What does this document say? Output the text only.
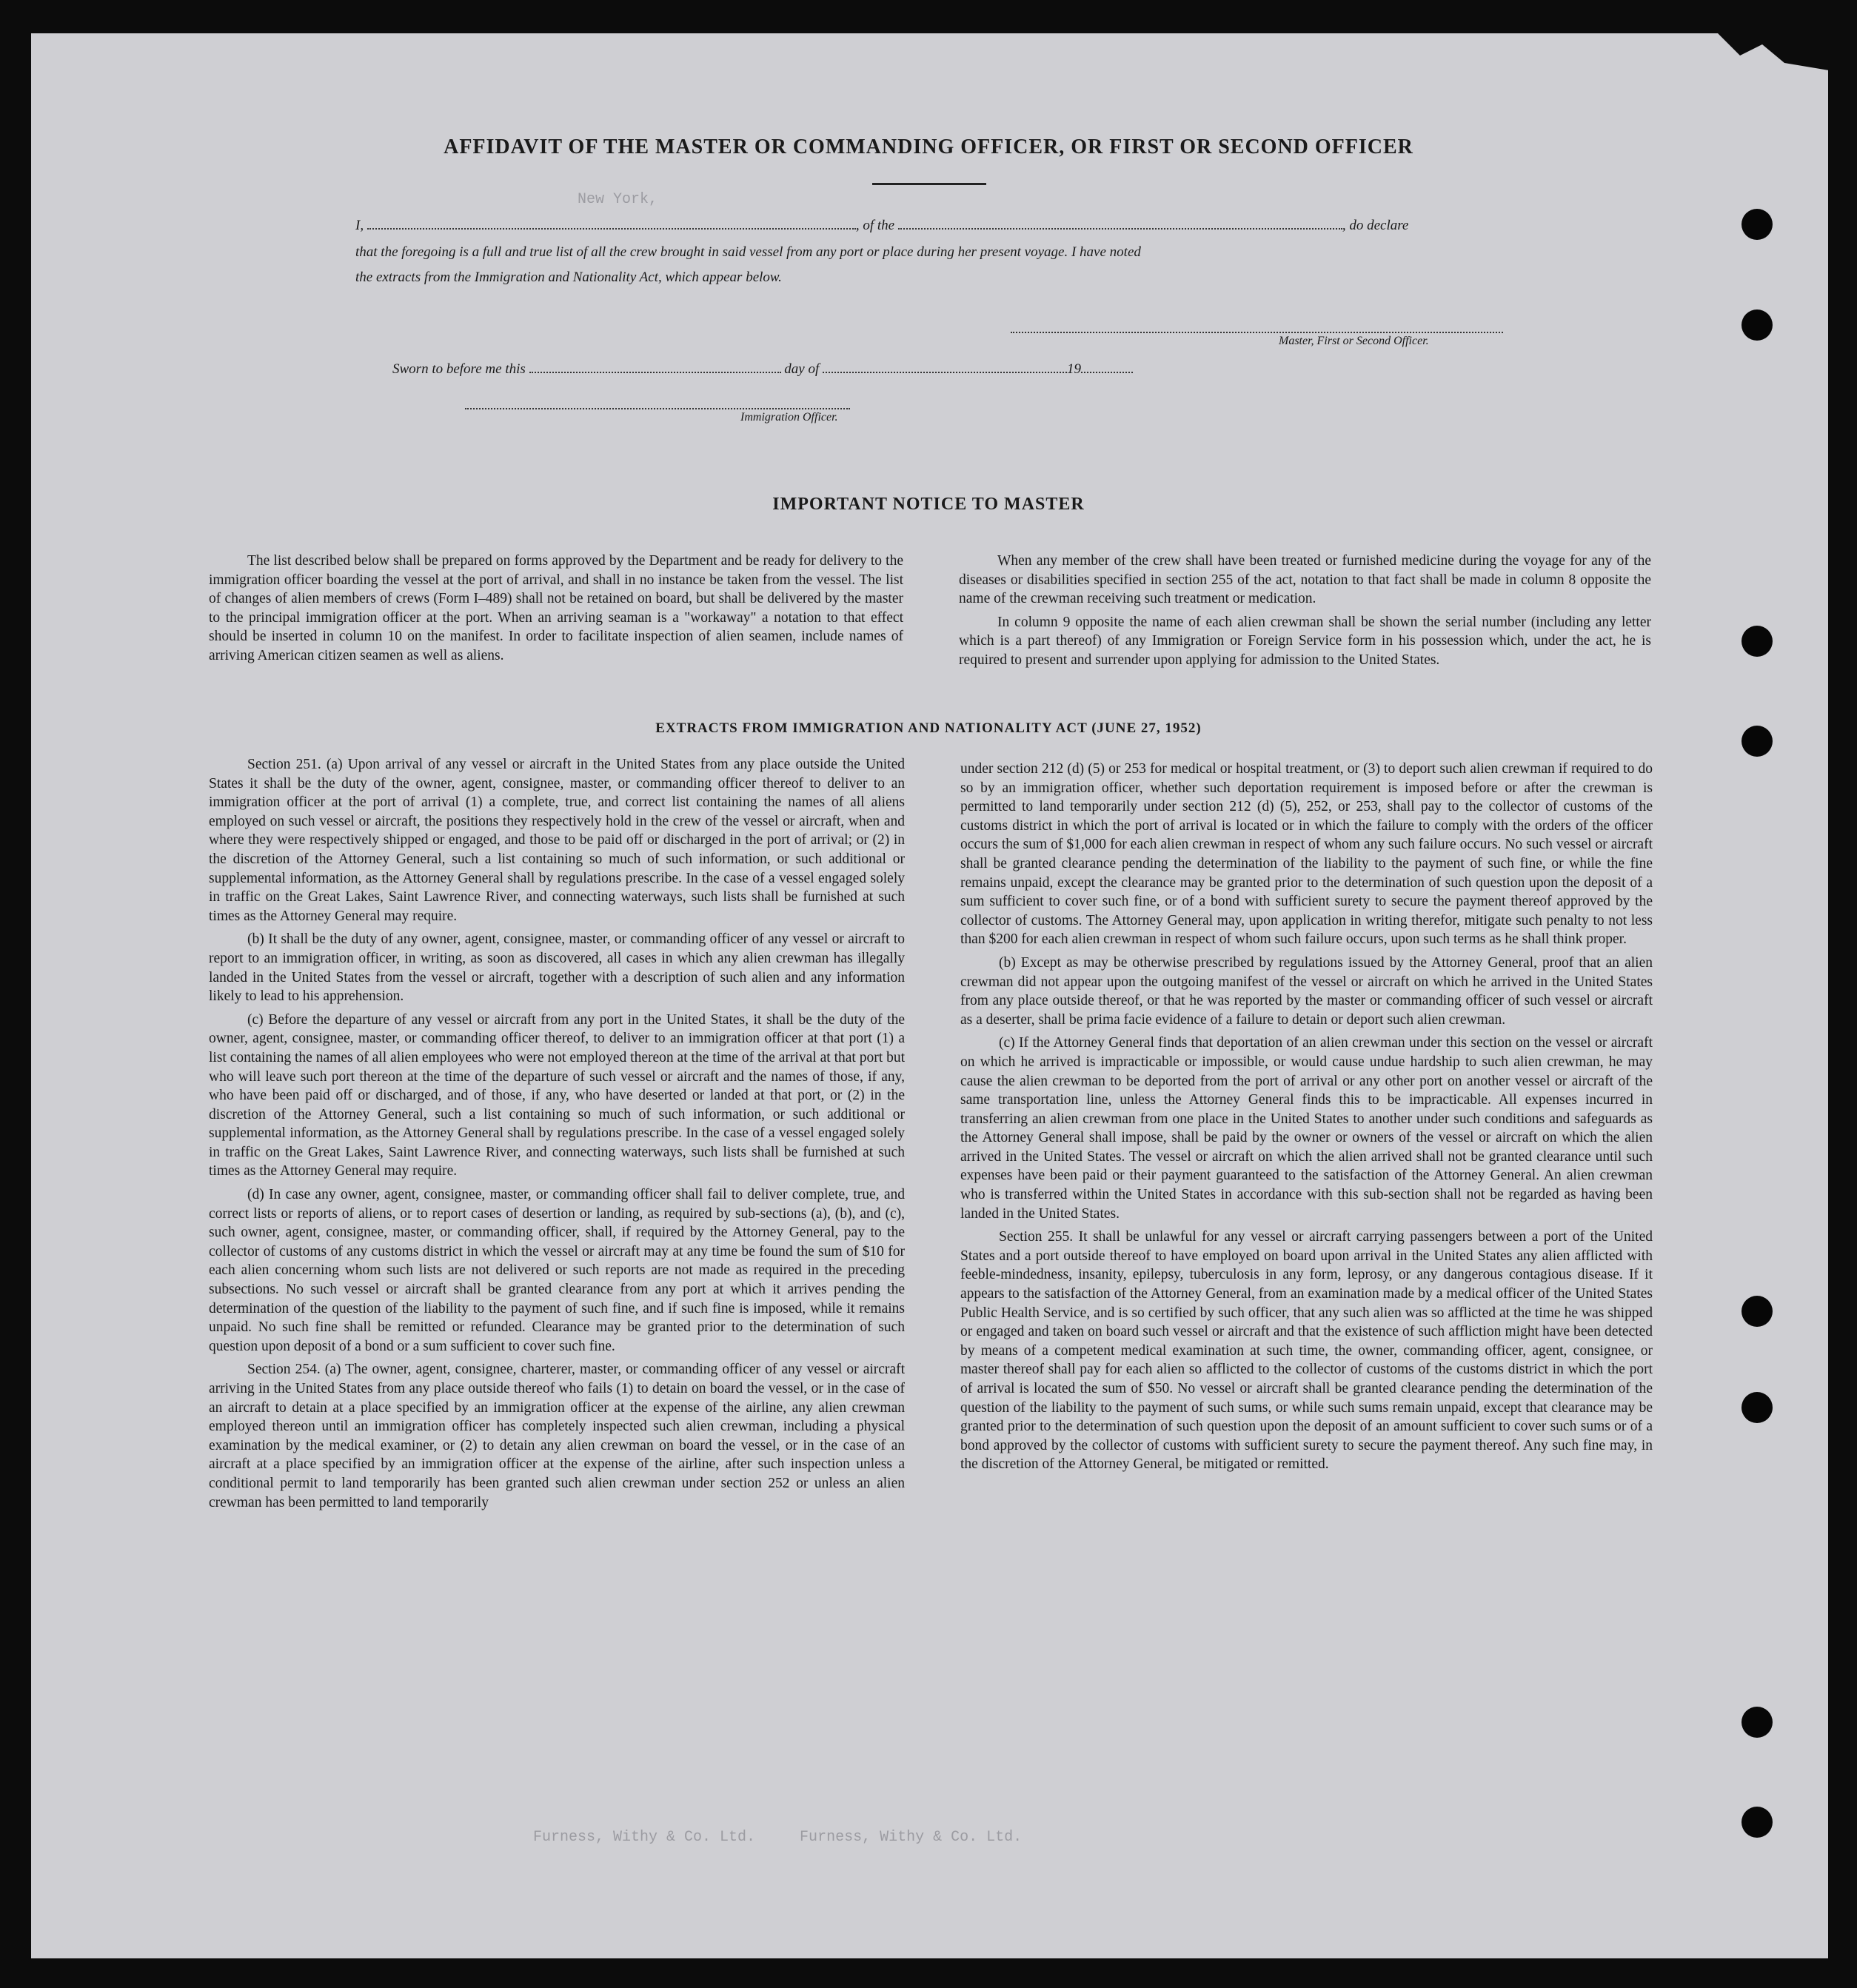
New York,
Furness, Withy & Co. Ltd.     Furness, Withy & Co. Ltd.
AFFIDAVIT OF THE MASTER OR COMMANDING OFFICER, OR FIRST OR SECOND OFFICER
I,	, of the	, do declare
that the foregoing is a full and true list of all the crew brought in said vessel from any port or place during her present voyage. I have noted
the extracts from the Immigration and Nationality Act, which appear below.
Master, First or Second Officer.
Sworn to before me this	day of	19
Immigration Officer.
IMPORTANT NOTICE TO MASTER

The list described below shall be prepared on forms approved by the Department and be ready for delivery to the immigration officer boarding the vessel at the port of arrival, and shall in no instance be taken from the vessel. The list of changes of alien members of crews (Form I–489) shall not be retained on board, but shall be delivered by the master to the principal immigration officer at the port. When an arriving seaman is a "workaway" a notation to that effect should be inserted in column 10 on the manifest. In order to facilitate inspection of alien seamen, include names of arriving American citizen seamen as well as aliens.

When any member of the crew shall have been treated or furnished medicine during the voyage for any of the diseases or disabilities specified in section 255 of the act, notation to that fact shall be made in column 8 opposite the name of the crewman receiving such treatment or medication.

In column 9 opposite the name of each alien crewman shall be shown the serial number (including any letter which is a part thereof) of any Immigration or Foreign Service form in his possession which, under the act, he is required to present and surrender upon applying for admission to the United States.

EXTRACTS FROM IMMIGRATION AND NATIONALITY ACT (JUNE 27, 1952)

Section 251. (a) Upon arrival of any vessel or aircraft in the United States from any place outside the United States it shall be the duty of the owner, agent, consignee, master, or commanding officer thereof to deliver to an immigration officer at the port of arrival (1) a complete, true, and correct list containing the names of all aliens employed on such vessel or aircraft, the positions they respectively hold in the crew of the vessel or aircraft, when and where they were respectively shipped or engaged, and those to be paid off or discharged in the port of arrival; or (2) in the discretion of the Attorney General, such a list containing so much of such information, or such additional or supplemental information, as the Attorney General shall by regulations prescribe. In the case of a vessel engaged solely in traffic on the Great Lakes, Saint Lawrence River, and connecting waterways, such lists shall be furnished at such times as the Attorney General may require.

(b) It shall be the duty of any owner, agent, consignee, master, or commanding officer of any vessel or aircraft to report to an immigration officer, in writing, as soon as discovered, all cases in which any alien crewman has illegally landed in the United States from the vessel or aircraft, together with a description of such alien and any information likely to lead to his apprehension.

(c) Before the departure of any vessel or aircraft from any port in the United States, it shall be the duty of the owner, agent, consignee, master, or commanding officer thereof, to deliver to an immigration officer at that port (1) a list containing the names of all alien employees who were not employed thereon at the time of the arrival at that port but who will leave such port thereon at the time of the departure of such vessel or aircraft and the names of those, if any, who have been paid off or discharged, and of those, if any, who have deserted or landed at that port, or (2) in the discretion of the Attorney General, such a list containing so much of such information, or such additional or supplemental information, as the Attorney General shall by regulations prescribe. In the case of a vessel engaged solely in traffic on the Great Lakes, Saint Lawrence River, and connecting waterways, such lists shall be furnished at such times as the Attorney General may require.

(d) In case any owner, agent, consignee, master, or commanding officer shall fail to deliver complete, true, and correct lists or reports of aliens, or to report cases of desertion or landing, as required by sub-sections (a), (b), and (c), such owner, agent, consignee, master, or commanding officer, shall, if required by the Attorney General, pay to the collector of customs of any customs district in which the vessel or aircraft may at any time be found the sum of $10 for each alien concerning whom such lists are not delivered or such reports are not made as required in the preceding subsections. No such vessel or aircraft shall be granted clearance from any port at which it arrives pending the determination of the question of the liability to the payment of such fine, and if such fine is imposed, while it remains unpaid. No such fine shall be remitted or refunded. Clearance may be granted prior to the determination of such question upon deposit of a bond or a sum sufficient to cover such fine.

Section 254. (a) The owner, agent, consignee, charterer, master, or commanding officer of any vessel or aircraft arriving in the United States from any place outside thereof who fails (1) to detain on board the vessel, or in the case of an aircraft to detain at a place specified by an immigration officer at the expense of the airline, any alien crewman employed thereon until an immigration officer has completely inspected such alien crewman, including a physical examination by the medical examiner, or (2) to detain any alien crewman on board the vessel, or in the case of an aircraft at a place specified by an immigration officer at the expense of the airline, after such inspection unless a conditional permit to land temporarily has been granted such alien crewman under section 252 or unless an alien crewman has been permitted to land temporarily

under section 212 (d) (5) or 253 for medical or hospital treatment, or (3) to deport such alien crewman if required to do so by an immigration officer, whether such deportation requirement is imposed before or after the crewman is permitted to land temporarily under section 212 (d) (5), 252, or 253, shall pay to the collector of customs of the customs district in which the port of arrival is located or in which the failure to comply with the orders of the officer occurs the sum of $1,000 for each alien crewman in respect of whom any such failure occurs. No such vessel or aircraft shall be granted clearance pending the determination of the liability to the payment of such fine, or while the fine remains unpaid, except the clearance may be granted prior to the determination of such question upon the deposit of a sum sufficient to cover such fine, or of a bond with sufficient surety to secure the payment thereof approved by the collector of customs. The Attorney General may, upon application in writing therefor, mitigate such penalty to not less than $200 for each alien crewman in respect of whom such failure occurs, upon such terms as he shall think proper.

(b) Except as may be otherwise prescribed by regulations issued by the Attorney General, proof that an alien crewman did not appear upon the outgoing manifest of the vessel or aircraft on which he arrived in the United States from any place outside thereof, or that he was reported by the master or commanding officer of such vessel or aircraft as a deserter, shall be prima facie evidence of a failure to detain or deport such alien crewman.

(c) If the Attorney General finds that deportation of an alien crewman under this section on the vessel or aircraft on which he arrived is impracticable or impossible, or would cause undue hardship to such alien crewman, he may cause the alien crewman to be deported from the port of arrival or any other port on another vessel or aircraft of the same transportation line, unless the Attorney General finds this to be impracticable. All expenses incurred in transferring an alien crewman from one place in the United States to another under such conditions and safeguards as the Attorney General shall impose, shall be paid by the owner or owners of the vessel or aircraft on which the alien arrived in the United States. The vessel or aircraft on which the alien arrived shall not be granted clearance until such expenses have been paid or their payment guaranteed to the satisfaction of the Attorney General. An alien crewman who is transferred within the United States in accordance with this sub-section shall not be regarded as having been landed in the United States.

Section 255. It shall be unlawful for any vessel or aircraft carrying passengers between a port of the United States and a port outside thereof to have employed on board upon arrival in the United States any alien afflicted with feeble-mindedness, insanity, epilepsy, tuberculosis in any form, leprosy, or any dangerous contagious disease. If it appears to the satisfaction of the Attorney General, from an examination made by a medical officer of the United States Public Health Service, and is so certified by such officer, that any such alien was so afflicted at the time he was shipped or engaged and taken on board such vessel or aircraft and that the existence of such affliction might have been detected by means of a competent medical examination at such time, the owner, commanding officer, agent, consignee, or master thereof shall pay for each alien so afflicted to the collector of customs of the customs district in which the port of arrival is located the sum of $50. No vessel or aircraft shall be granted clearance pending the determination of the question of the liability to the payment of such sums, or while such sums remain unpaid, except that clearance may be granted prior to the determination of such question upon the deposit of an amount sufficient to cover such sums or of a bond approved by the collector of customs with sufficient surety to secure the payment thereof. Any such fine may, in the discretion of the Attorney General, be mitigated or remitted.
